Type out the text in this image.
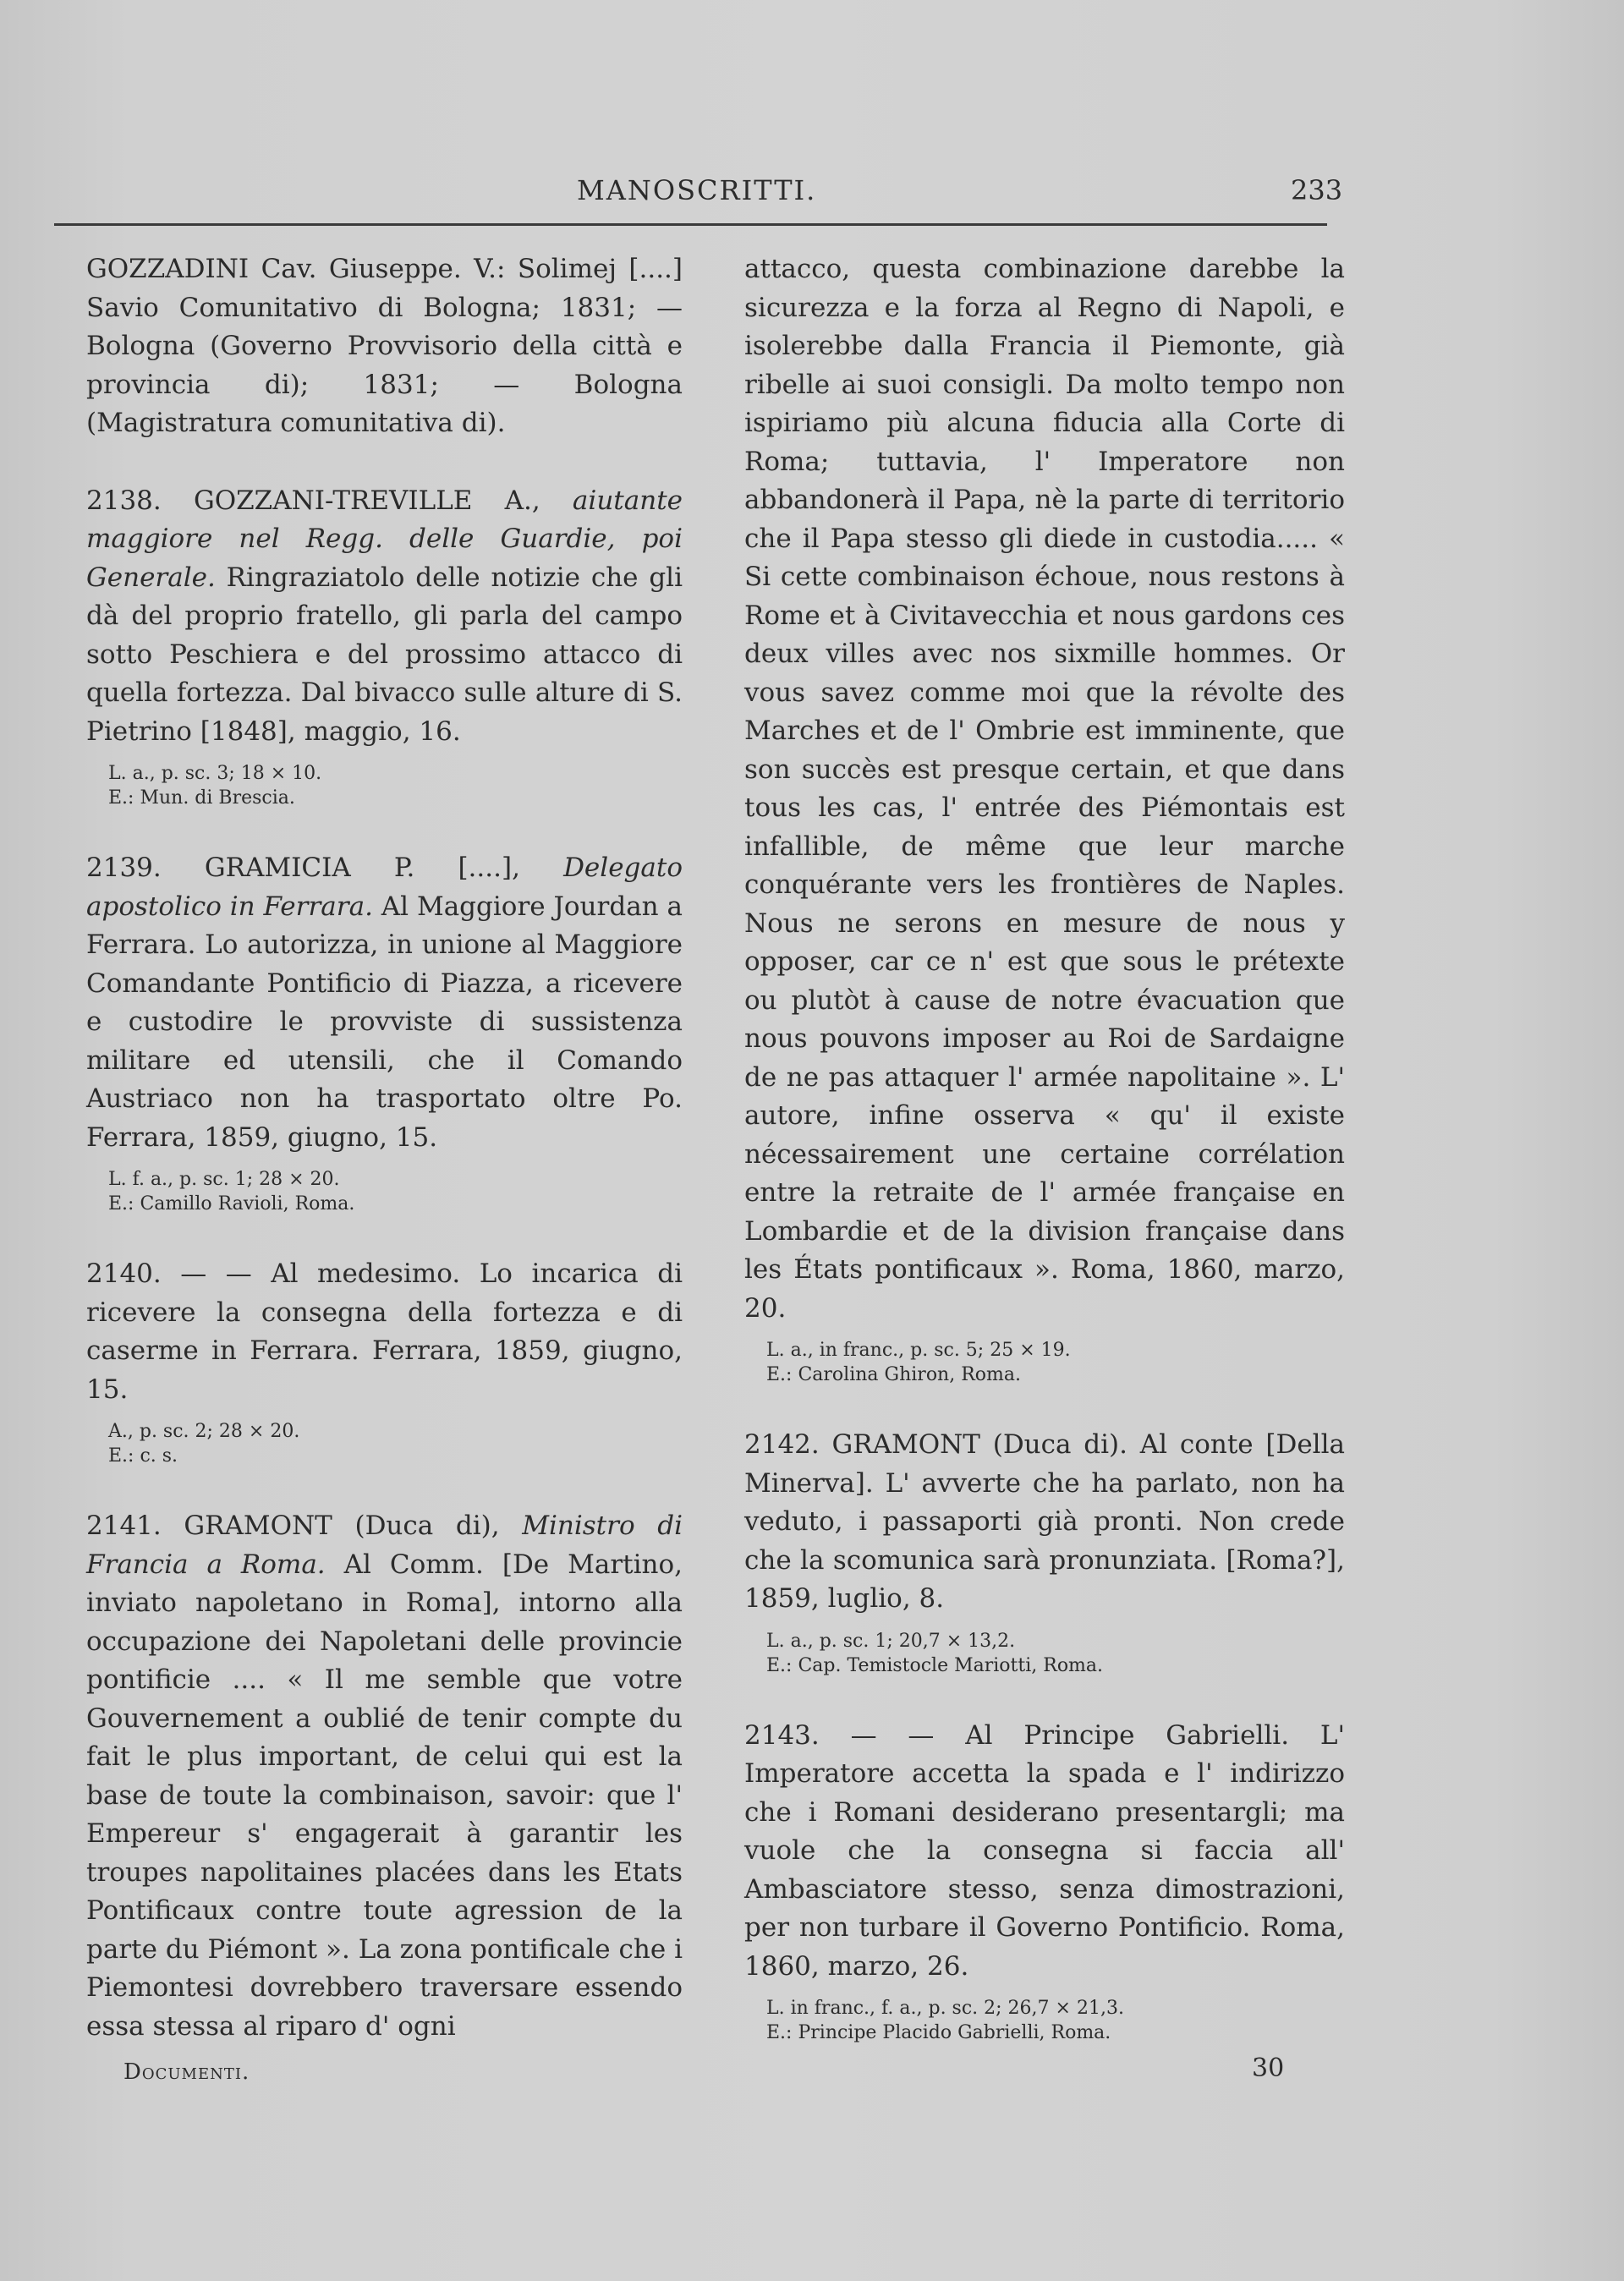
MANOSCRITTI.	233

GOZZADINI Cav. Giuseppe. V.: Solimej [....] Savio Comunitativo di Bologna; 1831; — Bologna (Governo Provvisorio della città e provincia di); 1831; — Bologna (Magistratura comunitativa di).

2138. GOZZANI-TREVILLE A., aiutante maggiore nel Regg. delle Guardie, poi Generale. Ringraziatolo delle notizie che gli dà del proprio fratello, gli parla del campo sotto Peschiera e del prossimo attacco di quella fortezza. Dal bivacco sulle alture di S. Pietrino [1848], maggio, 16.

L. a., p. sc. 3; 18 × 10.
E.: Mun. di Brescia.

2139. GRAMICIA P. [....], Delegato apostolico in Ferrara. Al Maggiore Jourdan a Ferrara. Lo autorizza, in unione al Maggiore Comandante Pontificio di Piazza, a ricevere e custodire le provviste di sussistenza militare ed utensili, che il Comando Austriaco non ha trasportato oltre Po. Ferrara, 1859, giugno, 15.

L. f. a., p. sc. 1; 28 × 20.
E.: Camillo Ravioli, Roma.

2140. — — Al medesimo. Lo incarica di ricevere la consegna della fortezza e di caserme in Ferrara. Ferrara, 1859, giugno, 15.

A., p. sc. 2; 28 × 20.
E.: c. s.

2141. GRAMONT (Duca di), Ministro di Francia a Roma. Al Comm. [De Martino, inviato napoletano in Roma], intorno alla occupazione dei Napoletani delle provincie pontificie .... « Il me semble que votre Gouvernement a oublié de tenir compte du fait le plus important, de celui qui est la base de toute la combinaison, savoir: que l' Empereur s' engagerait à garantir les troupes napolitaines placées dans les Etats Pontificaux contre toute agression de la parte du Piémont ». La zona pontificale che i Piemontesi dovrebbero traversare essendo essa stessa al riparo d' ogni

attacco, questa combinazione darebbe la sicurezza e la forza al Regno di Napoli, e isolerebbe dalla Francia il Piemonte, già ribelle ai suoi consigli. Da molto tempo non ispiriamo più alcuna fiducia alla Corte di Roma; tuttavia, l' Imperatore non abbandonerà il Papa, nè la parte di territorio che il Papa stesso gli diede in custodia..... « Si cette combinaison échoue, nous restons à Rome et à Civitavecchia et nous gardons ces deux villes avec nos sixmille hommes. Or vous savez comme moi que la révolte des Marches et de l' Ombrie est imminente, que son succès est presque certain, et que dans tous les cas, l' entrée des Piémontais est infallible, de même que leur marche conquérante vers les frontières de Naples. Nous ne serons en mesure de nous y opposer, car ce n' est que sous le prétexte ou plutòt à cause de notre évacuation que nous pouvons imposer au Roi de Sardaigne de ne pas attaquer l' armée napolitaine ». L' autore, infine osserva « qu' il existe nécessairement une certaine corrélation entre la retraite de l' armée française en Lombardie et de la division française dans les États pontificaux ». Roma, 1860, marzo, 20.

L. a., in franc., p. sc. 5; 25 × 19.
E.: Carolina Ghiron, Roma.

2142. GRAMONT (Duca di). Al conte [Della Minerva]. L' avverte che ha parlato, non ha veduto, i passaporti già pronti. Non crede che la scomunica sarà pronunziata. [Roma?], 1859, luglio, 8.

L. a., p. sc. 1; 20,7 × 13,2.
E.: Cap. Temistocle Mariotti, Roma.

2143. — — Al Principe Gabrielli. L' Imperatore accetta la spada e l' indirizzo che i Romani desiderano presentargli; ma vuole che la consegna si faccia all' Ambasciatore stesso, senza dimostrazioni, per non turbare il Governo Pontificio. Roma, 1860, marzo, 26.

L. in franc., f. a., p. sc. 2; 26,7 × 21,3.
E.: Principe Placido Gabrielli, Roma.
Documenti.	30
